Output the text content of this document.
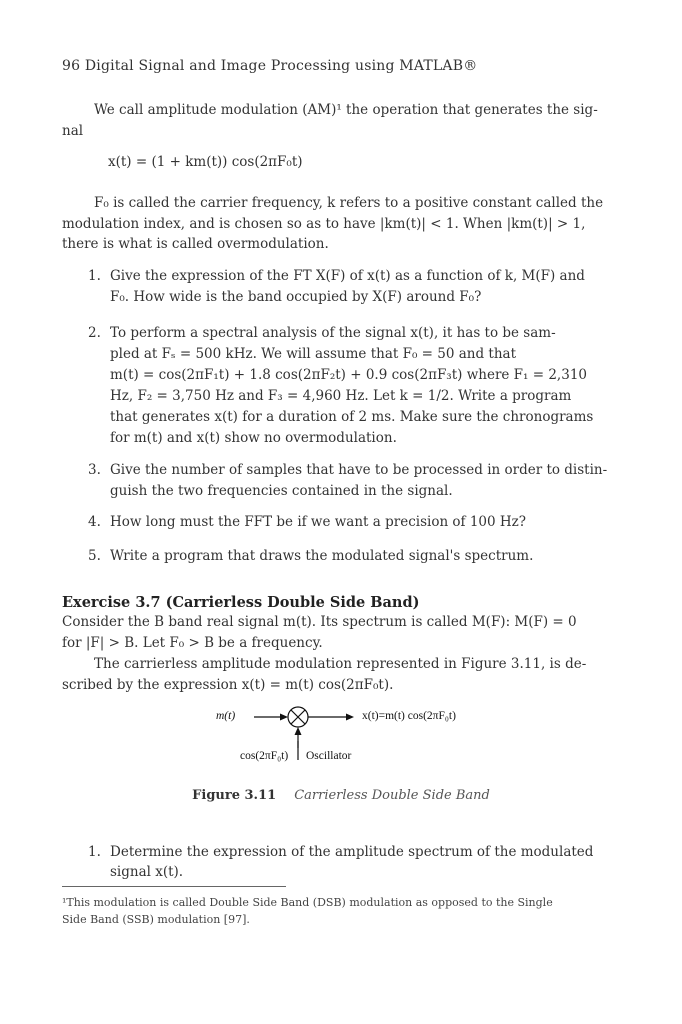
96 Digital Signal and Image Processing using MATLAB®
We call amplitude modulation (AM)¹ the operation that generates the sig-
nal
x(t) = (1 + km(t)) cos(2πF₀t)
F₀ is called the carrier frequency, k refers to a positive constant called the
modulation index, and is chosen so as to have |km(t)| < 1. When |km(t)| > 1,
there is what is called overmodulation.
1. Give the expression of the FT X(F) of x(t) as a function of k, M(F) and
F₀. How wide is the band occupied by X(F) around F₀?
2. To perform a spectral analysis of the signal x(t), it has to be sam-
pled at Fₛ = 500 kHz. We will assume that F₀ = 50 and that
m(t) = cos(2πF₁t) + 1.8 cos(2πF₂t) + 0.9 cos(2πF₃t) where F₁ = 2,310
Hz, F₂ = 3,750 Hz and F₃ = 4,960 Hz. Let k = 1/2. Write a program
that generates x(t) for a duration of 2 ms. Make sure the chronograms
for m(t) and x(t) show no overmodulation.
3. Give the number of samples that have to be processed in order to distin-
guish the two frequencies contained in the signal.
4. How long must the FFT be if we want a precision of 100 Hz?
5. Write a program that draws the modulated signal's spectrum.
Exercise 3.7 (Carrierless Double Side Band)
Consider the B band real signal m(t). Its spectrum is called M(F): M(F) = 0
for |F| > B. Let F₀ > B be a frequency.
The carrierless amplitude modulation represented in Figure 3.11, is de-
scribed by the expression x(t) = m(t) cos(2πF₀t).
m(t)	x(t)=m(t) cos(2πF₀t)
cos(2πF₀t) Oscillator
Figure 3.11 Carrierless Double Side Band
1. Determine the expression of the amplitude spectrum of the modulated
signal x(t).
¹This modulation is called Double Side Band (DSB) modulation as opposed to the Single
Side Band (SSB) modulation [97].
